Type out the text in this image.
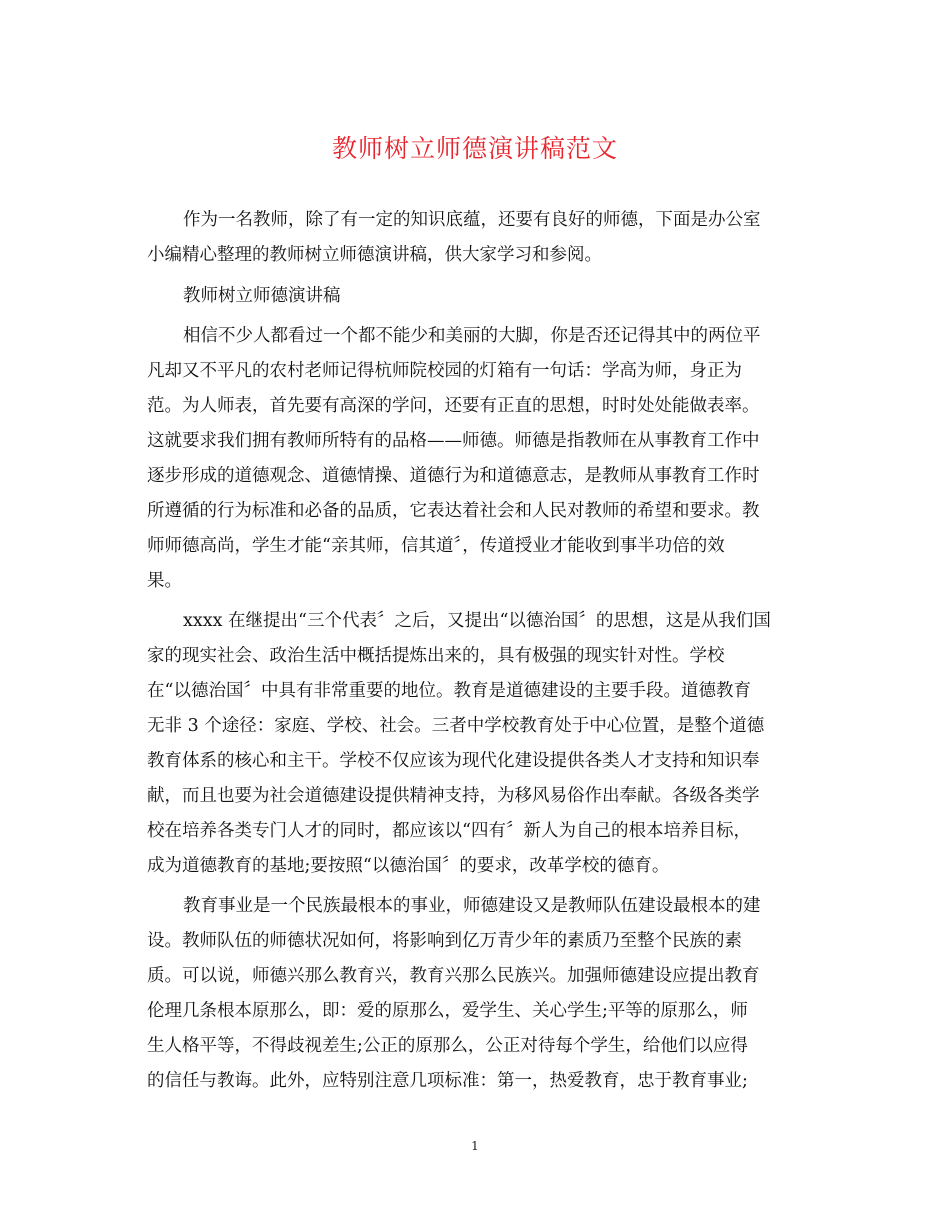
教师树立师德演讲稿范文
作为一名教师，除了有一定的知识底蕴，还要有良好的师德，下面是办公室
小编精心整理的教师树立师德演讲稿，供大家学习和参阅。
教师树立师德演讲稿
相信不少人都看过一个都不能少和美丽的大脚，你是否还记得其中的两位平
凡却又不平凡的农村老师记得杭师院校园的灯箱有一句话：学高为师，身正为
范。为人师表，首先要有高深的学问，还要有正直的思想，时时处处能做表率。
这就要求我们拥有教师所特有的品格——师德。师德是指教师在从事教育工作中
逐步形成的道德观念、道德情操、道德行为和道德意志，是教师从事教育工作时
所遵循的行为标准和必备的品质，它表达着社会和人民对教师的希望和要求。教
师师德高尚，学生才能“亲其师，信其道〞，传道授业才能收到事半功倍的效
果。
xxxx 在继提出“三个代表〞之后，又提出“以德治国〞的思想，这是从我们国
家的现实社会、政治生活中概括提炼出来的，具有极强的现实针对性。学校
在“以德治国〞中具有非常重要的地位。教育是道德建设的主要手段。道德教育
无非 3 个途径：家庭、学校、社会。三者中学校教育处于中心位置，是整个道德
教育体系的核心和主干。学校不仅应该为现代化建设提供各类人才支持和知识奉
献，而且也要为社会道德建设提供精神支持，为移风易俗作出奉献。各级各类学
校在培养各类专门人才的同时，都应该以“四有〞新人为自己的根本培养目标，
成为道德教育的基地;要按照“以德治国〞的要求，改革学校的德育。
教育事业是一个民族最根本的事业，师德建设又是教师队伍建设最根本的建
设。教师队伍的师德状况如何，将影响到亿万青少年的素质乃至整个民族的素
质。可以说，师德兴那么教育兴，教育兴那么民族兴。加强师德建设应提出教育
伦理几条根本原那么，即：爱的原那么，爱学生、关心学生;平等的原那么，师
生人格平等，不得歧视差生;公正的原那么，公正对待每个学生，给他们以应得
的信任与教诲。此外，应特别注意几项标准：第一，热爱教育，忠于教育事业;
1
